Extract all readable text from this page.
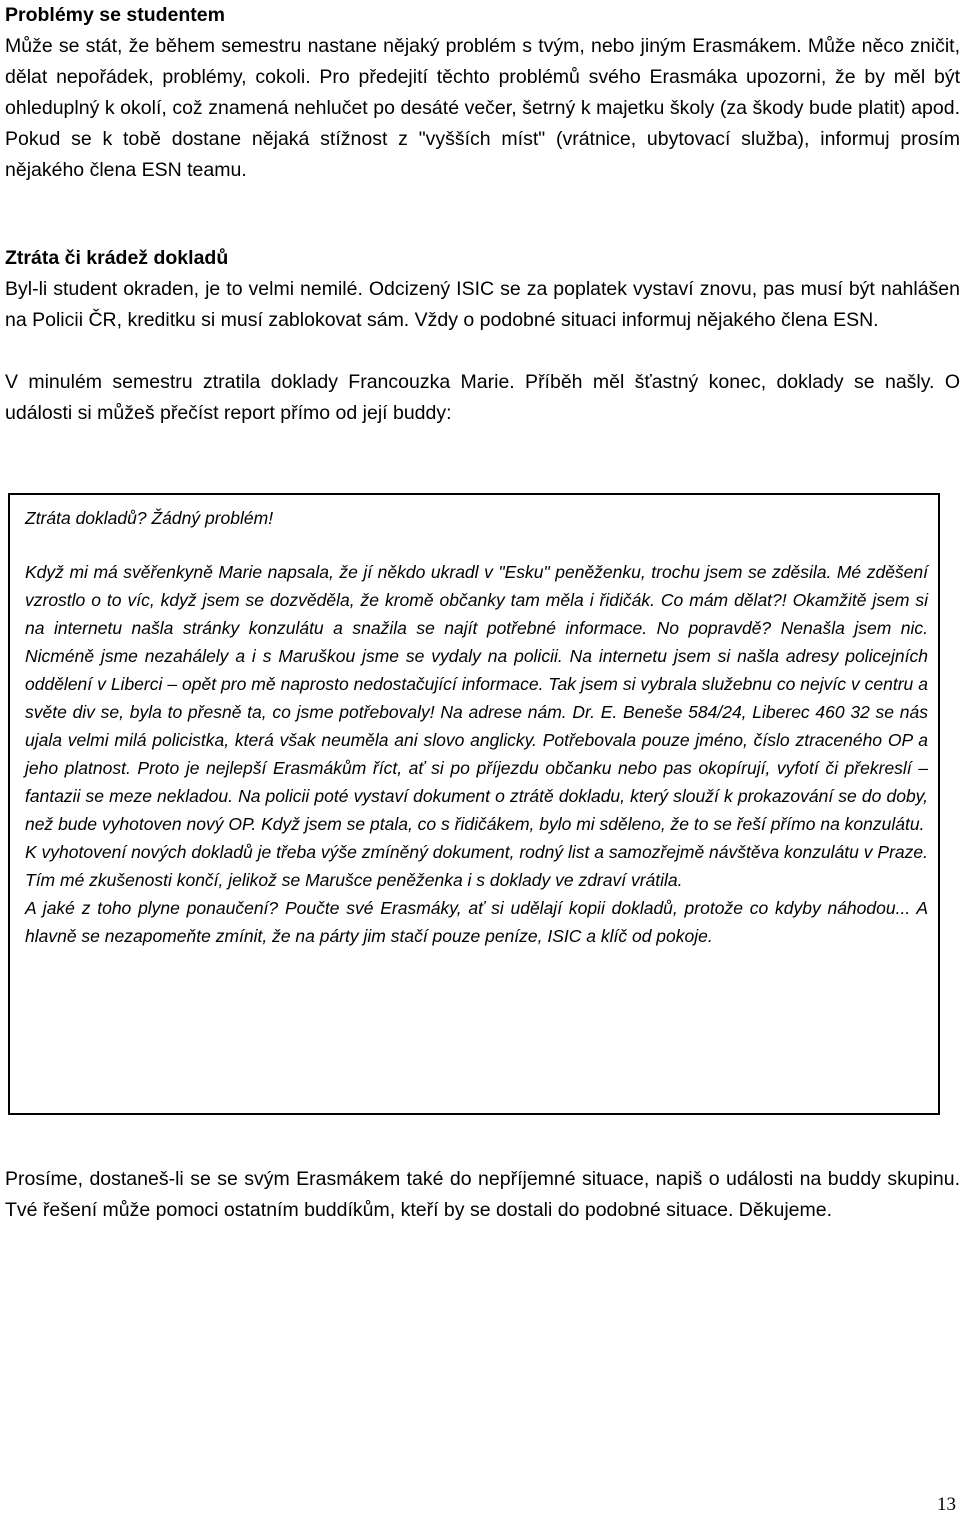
Problémy se studentem

Může se stát, že během semestru nastane nějaký problém s tvým, nebo jiným Erasmákem. Může něco zničit, dělat nepořádek, problémy, cokoli. Pro předejití těchto problémů svého Erasmáka upozorni, že by měl být ohleduplný k okolí, což znamená nehlučet po desáté večer, šetrný k majetku školy (za škody bude platit) apod. Pokud se k tobě dostane nějaká stížnost z "vyšších míst" (vrátnice, ubytovací služba), informuj prosím nějakého člena ESN teamu.

Ztráta či krádež dokladů

Byl-li student okraden, je to velmi nemilé. Odcizený ISIC se za poplatek vystaví znovu, pas musí být nahlášen na Policii ČR, kreditku si musí zablokovat sám. Vždy o podobné situaci informuj nějakého člena ESN.

V minulém semestru ztratila doklady Francouzka Marie. Příběh měl šťastný konec, doklady se našly. O události si můžeš přečíst report přímo od její buddy:

Ztráta dokladů? Žádný problém!

Když mi má svěřenkyně Marie napsala, že jí někdo ukradl v "Esku" peněženku, trochu jsem se zděsila. Mé zděšení vzrostlo o to víc, když jsem se dozvěděla, že kromě občanky tam měla i řidičák. Co mám dělat?! Okamžitě jsem si na internetu našla stránky konzulátu a snažila se najít potřebné informace. No popravdě? Nenašla jsem nic. Nicméně jsme nezahálely a i s Maruškou jsme se vydaly na policii. Na internetu jsem si našla adresy policejních oddělení v Liberci – opět pro mě naprosto nedostačující informace. Tak jsem si vybrala služebnu co nejvíc v centru a světe div se, byla to přesně ta, co jsme potřebovaly! Na adrese nám. Dr. E. Beneše 584/24, Liberec 460 32 se nás ujala velmi milá policistka, která však neuměla ani slovo anglicky. Potřebovala pouze jméno, číslo ztraceného OP a jeho platnost. Proto je nejlepší Erasmákům říct, ať si po příjezdu občanku nebo pas okopírují, vyfotí či překreslí – fantazii se meze nekladou. Na policii poté vystaví dokument o ztrátě dokladu, který slouží k prokazování se do doby, než bude vyhotoven nový OP. Když jsem se ptala, co s řidičákem, bylo mi sděleno, že to se řeší přímo na konzulátu.

K vyhotovení nových dokladů je třeba výše zmíněný dokument, rodný list a samozřejmě návštěva konzulátu v Praze. Tím mé zkušenosti končí, jelikož se Marušce peněženka i s doklady ve zdraví vrátila.

A jaké z toho plyne ponaučení? Poučte své Erasmáky, ať si udělají kopii dokladů, protože co kdyby náhodou... A hlavně se nezapomeňte zmínit, že na párty jim stačí pouze peníze, ISIC a klíč od pokoje.

Prosíme, dostaneš-li se se svým Erasmákem také do nepříjemné situace, napiš o události na buddy skupinu. Tvé řešení může pomoci ostatním buddíkům, kteří by se dostali do podobné situace. Děkujeme.

13
